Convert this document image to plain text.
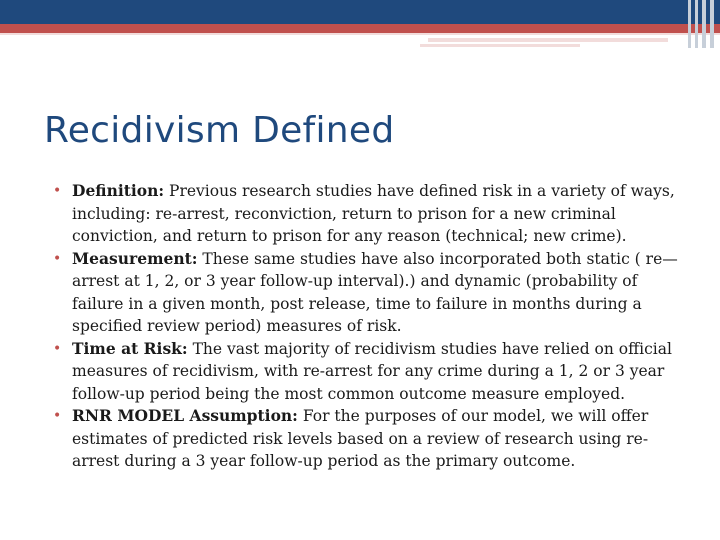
Recidivism Defined
• Definition: Previous research studies have defined risk in a variety of ways, including: re-arrest, reconviction, return to prison for a new criminal conviction, and return to prison for any reason (technical; new crime).
• Measurement: These same studies have also incorporated both static ( re—arrest at 1, 2, or 3 year follow-up interval).) and dynamic (probability of failure in a given month, post release, time to failure in months during a specified review period) measures of risk.
• Time at Risk: The vast majority of recidivism studies have relied on official measures of recidivism, with re-arrest for any crime during a 1, 2 or 3 year follow-up period being the most common outcome measure employed.
• RNR MODEL Assumption: For the purposes of our model, we will offer estimates of predicted risk levels based on a review of research using re-arrest during a 3 year follow-up period as the primary outcome.
